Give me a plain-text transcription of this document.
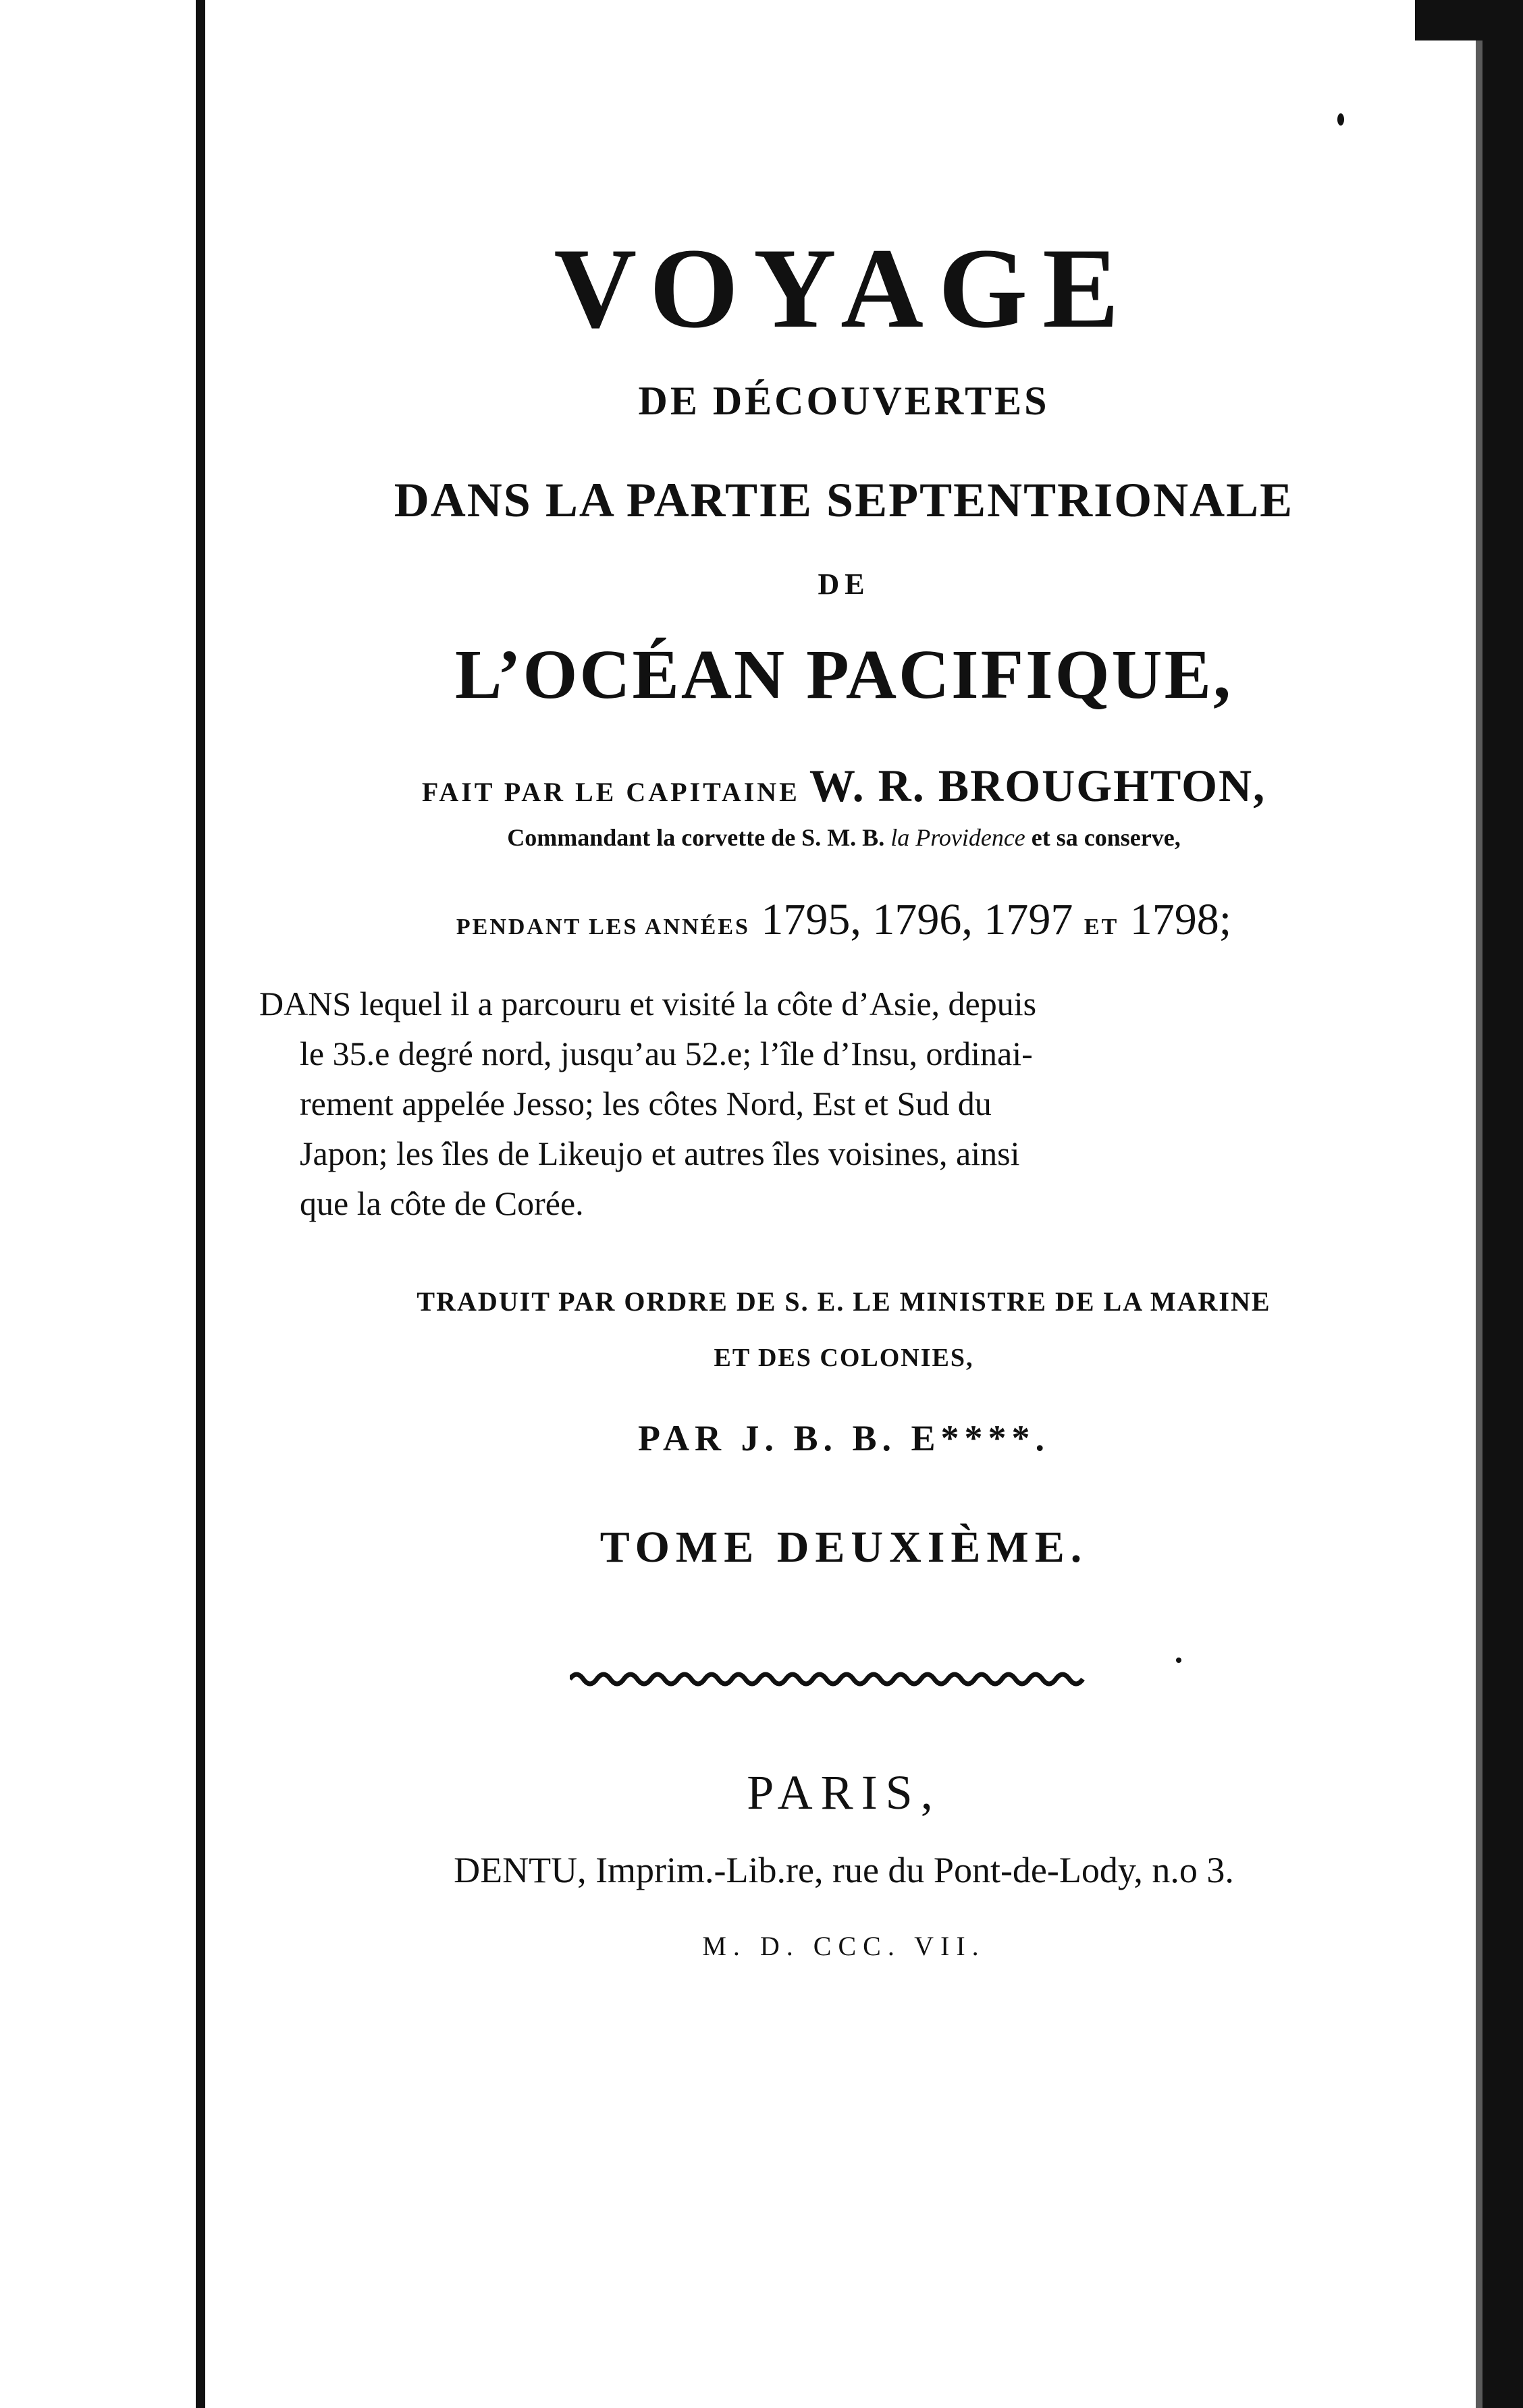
VOYAGE
DE DÉCOUVERTES
DANS LA PARTIE SEPTENTRIONALE
DE
L’OCÉAN PACIFIQUE,
FAIT PAR LE CAPITAINE W. R. BROUGHTON,
Commandant la corvette de S. M. B. la Providence et sa conserve,
PENDANT LES ANNÉES 1795, 1796, 1797 ET 1798;
DANS lequel il a parcouru et visité la côte d’Asie, depuis
le 35.e degré nord, jusqu’au 52.e; l’île d’Insu, ordinai-
rement appelée Jesso; les côtes Nord, Est et Sud du
Japon; les îles de Likeujo et autres îles voisines, ainsi
que la côte de Corée.
TRADUIT PAR ORDRE DE S. E. LE MINISTRE DE LA MARINE
ET DES COLONIES,
PAR J. B. B. E****.
TOME DEUXIÈME.
PARIS,
DENTU, Imprim.-Lib.re, rue du Pont-de-Lody, n.o 3.
M. D. CCC. VII.
